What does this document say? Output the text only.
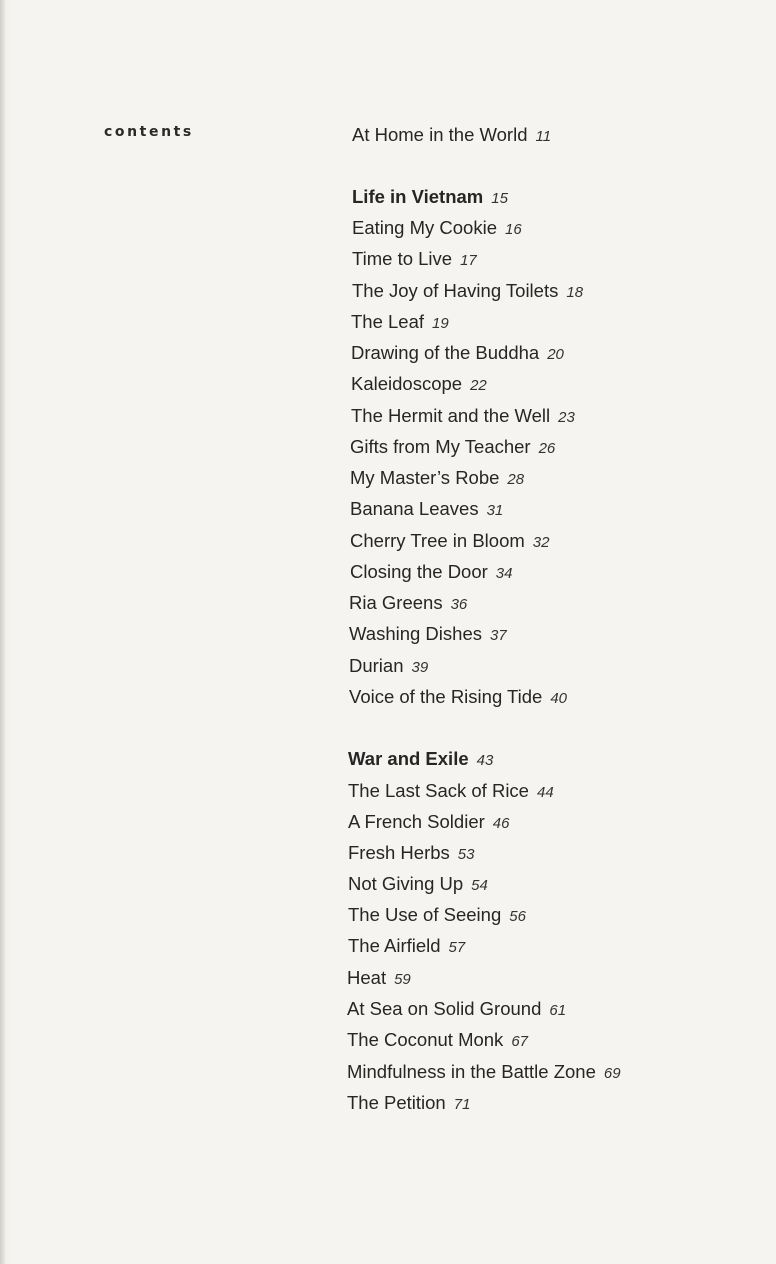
contents	At Home in the World 11
Life in Vietnam 15
Eating My Cookie 16
Time to Live 17
The Joy of Having Toilets 18
The Leaf 19
Drawing of the Buddha 20
Kaleidoscope 22
The Hermit and the Well 23
Gifts from My Teacher 26
My Master’s Robe 28
Banana Leaves 31
Cherry Tree in Bloom 32
Closing the Door 34
Ria Greens 36
Washing Dishes 37
Durian 39
Voice of the Rising Tide 40
War and Exile 43
The Last Sack of Rice 44
A French Soldier 46
Fresh Herbs 53
Not Giving Up 54
The Use of Seeing 56
The Airfield 57
Heat 59
At Sea on Solid Ground 61
The Coconut Monk 67
Mindfulness in the Battle Zone 69
The Petition 71
